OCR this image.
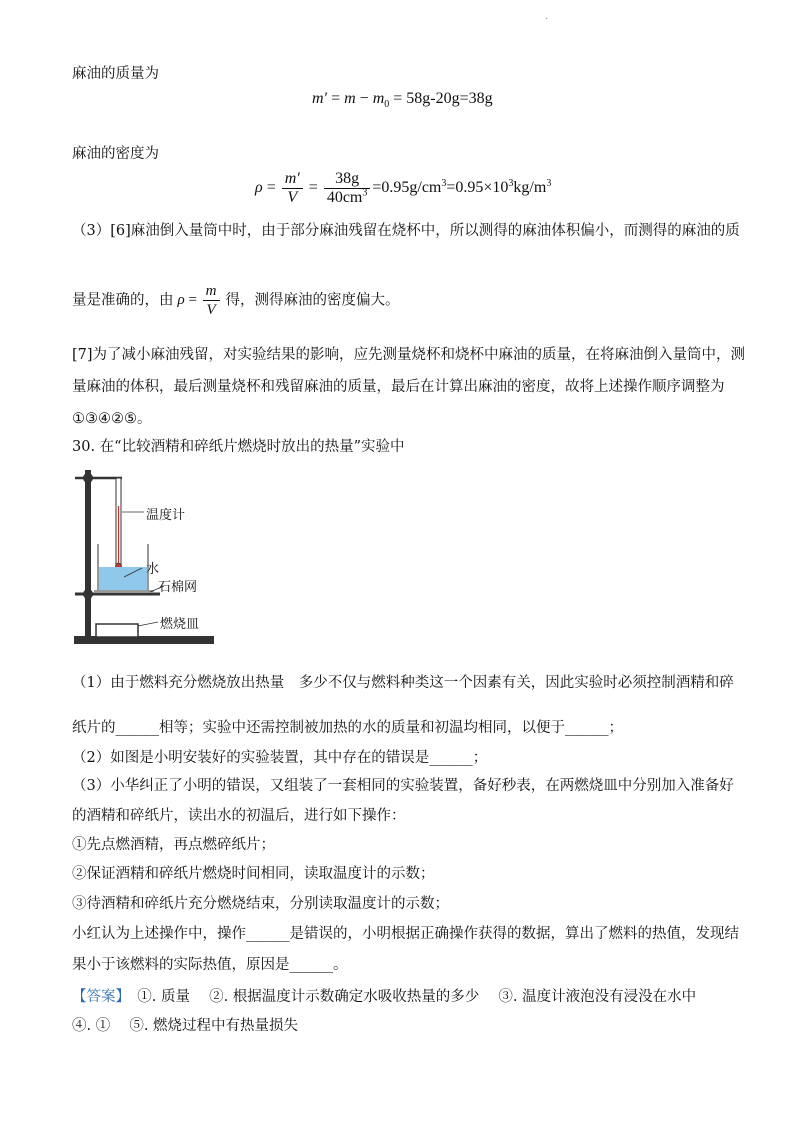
·
麻油的质量为
$m' = m - m_0 = 58g-20g=38g$
麻油的密度为
$\rho = \frac{m'}{V} = \frac{38g}{40cm^3} =0.95g/cm^3=0.95\times 10^3kg/m^3$
（3）[6]麻油倒入量筒中时，由于部分麻油残留在烧杯中，所以测得的麻油体积偏小，而测得的麻油的质
量是准确的，由 $\rho = \frac{m}{V}$ 得，测得麻油的密度偏大。
[7]为了减小麻油残留，对实验结果的影响，应先测量烧杯和烧杯中麻油的质量，在将麻油倒入量筒中，测
量麻油的体积，最后测量烧杯和残留麻油的质量，最后在计算出麻油的密度，故将上述操作顺序调整为
①③④②⑤。
30. 在“比较酒精和碎纸片燃烧时放出的热量”实验中
温度计
水
石棉网
燃烧皿
（1）由于燃料充分燃烧放出热量　多少不仅与燃料种类这一个因素有关，因此实验时必须控制酒精和碎
纸片的______相等；实验中还需控制被加热的水的质量和初温均相同，以便于______；
（2）如图是小明安装好的实验装置，其中存在的错误是______；
（3）小华纠正了小明的错误，又组装了一套相同的实验装置，备好秒表，在两燃烧皿中分别加入准备好
的酒精和碎纸片，读出水的初温后，进行如下操作：
①先点燃酒精，再点燃碎纸片；
②保证酒精和碎纸片燃烧时间相同，读取温度计的示数；
③待酒精和碎纸片充分燃烧结束，分别读取温度计的示数；
小红认为上述操作中，操作______是错误的，小明根据正确操作获得的数据，算出了燃料的热值，发现结
果小于该燃料的实际热值，原因是______。
【答案】　①. 质量　 ②. 根据温度计示数确定水吸收热量的多少　 ③. 温度计液泡没有浸没在水中
④. ①　 ⑤. 燃烧过程中有热量损失
